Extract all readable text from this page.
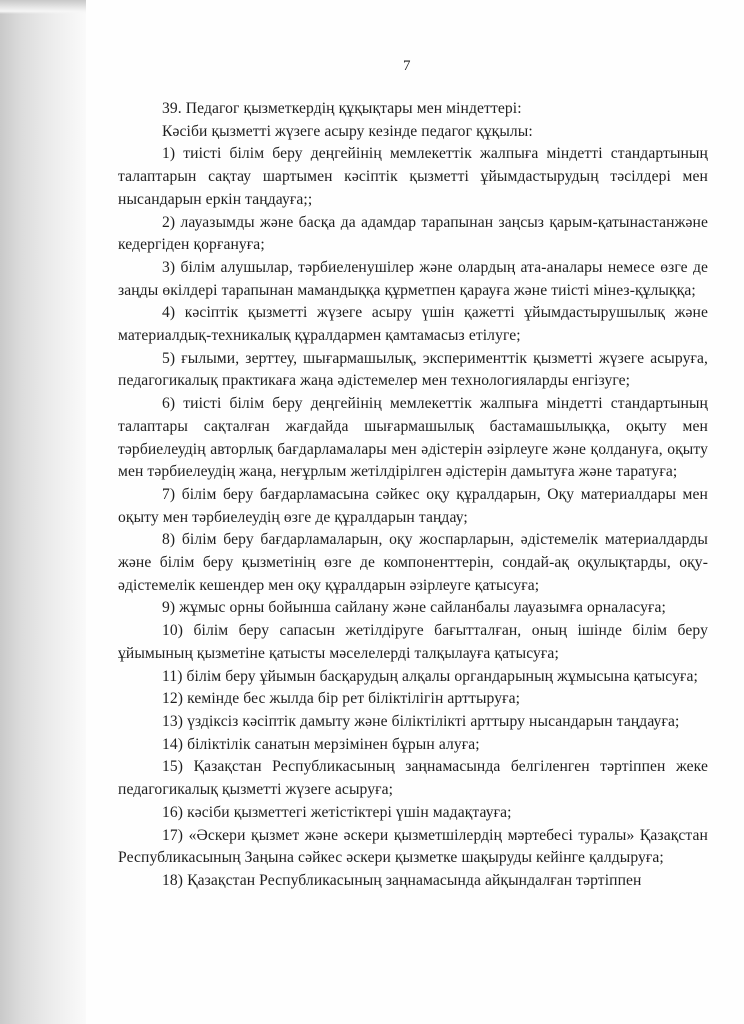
7

39. Педагог қызметкердің құқықтары мен міндеттері:

Кәсіби қызметті жүзеге асыру кезінде педагог құқылы:

1) тиісті білім беру деңгейінің мемлекеттік жалпыға міндетті стандартының талаптарын сақтау шартымен кәсіптік қызметті ұйымдастырудың тәсілдері мен нысандарын еркін таңдауға;;

2) лауазымды және басқа да адамдар тарапынан заңсыз қарым-қатынастанжәне кедергіден қорғануға;

3) білім алушылар, тәрбиеленушілер және олардың ата-аналары немесе өзге де заңды өкілдері тарапынан мамандыққа құрметпен қарауға және тиісті мінез-құлыққа;

4) кәсіптік қызметті жүзеге асыру үшін қажетті ұйымдастырушылық және материалдық-техникалық құралдармен қамтамасыз етілуге;

5) ғылыми, зерттеу, шығармашылық, эксперименттік қызметті жүзеге асыруға, педагогикалық практикаға жаңа әдістемелер мен технологияларды енгізуге;

6) тиісті білім беру деңгейінің мемлекеттік жалпыға міндетті стандартының талаптары сақталған жағдайда шығармашылық бастамашылыққа, оқыту мен тәрбиелеудің авторлық бағдарламалары мен әдістерін әзірлеуге және қолдануға, оқыту мен тәрбиелеудің жаңа, неғұрлым жетілдірілген әдістерін дамытуға және таратуға;

7) білім беру бағдарламасына сәйкес оқу құралдарын, Оқу материалдары мен оқыту мен тәрбиелеудің өзге де құралдарын таңдау;

8) білім беру бағдарламаларын, оқу жоспарларын, әдістемелік материалдарды және білім беру қызметінің өзге де компоненттерін, сондай-ақ оқулықтарды, оқу-әдістемелік кешендер мен оқу құралдарын әзірлеуге қатысуға;

9) жұмыс орны бойынша сайлану және сайланбалы лауазымға орналасуға;

10) білім беру сапасын жетілдіруге бағытталған, оның ішінде білім беру ұйымының қызметіне қатысты мәселелерді талқылауға қатысуға;

11) білім беру ұйымын басқарудың алқалы органдарының жұмысына қатысуға;

12) кемінде бес жылда бір рет біліктілігін арттыруға;

13) үздіксіз кәсіптік дамыту және біліктілікті арттыру нысандарын таңдауға;

14) біліктілік санатын мерзімінен бұрын алуға;

15) Қазақстан Республикасының заңнамасында белгіленген тәртіппен жеке педагогикалық қызметті жүзеге асыруға;

16) кәсіби қызметтегі жетістіктері үшін мадақтауға;

17) «Әскери қызмет және әскери қызметшілердің мәртебесі туралы» Қазақстан Республикасының Заңына сәйкес әскери қызметке шақыруды кейінге қалдыруға;

18) Қазақстан Республикасының заңнамасында айқындалған тәртіппен
